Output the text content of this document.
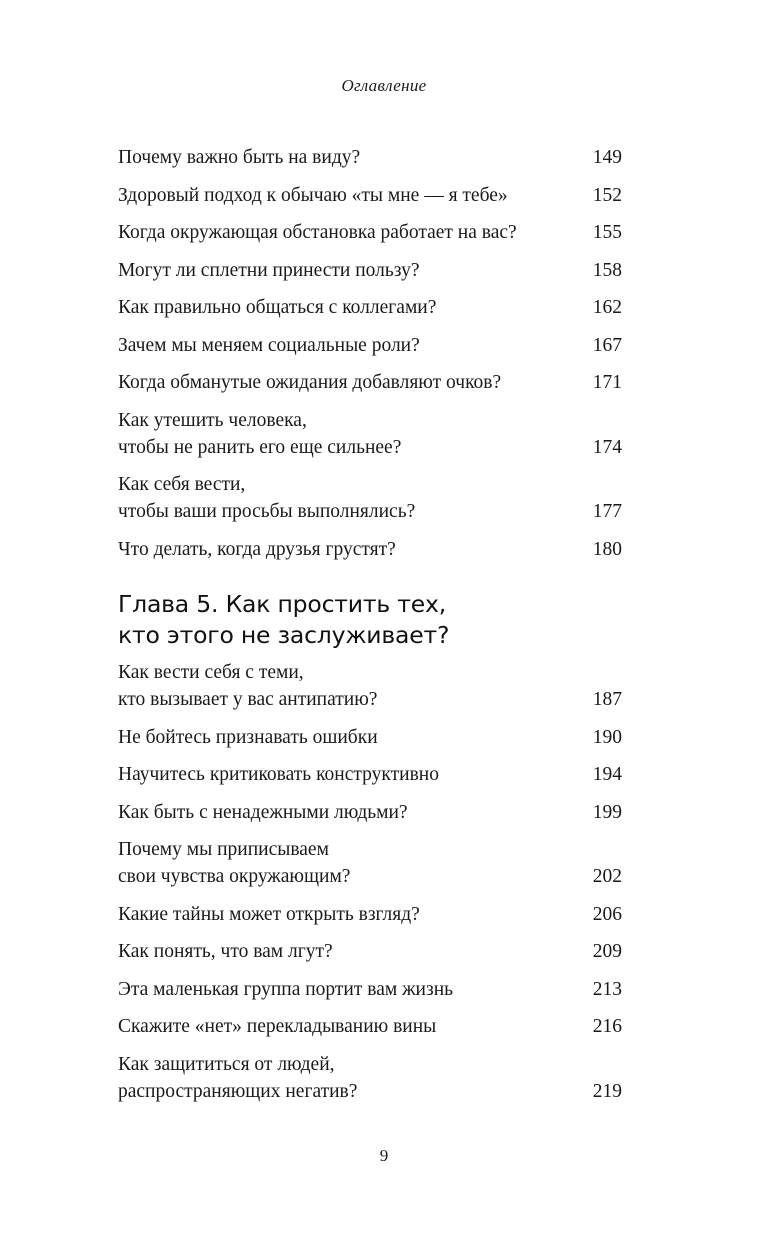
Оглавление
Почему важно быть на виду?	149
Здоровый подход к обычаю «ты мне — я тебе»	152
Когда окружающая обстановка работает на вас?	155
Могут ли сплетни принести пользу?	158
Как правильно общаться с коллегами?	162
Зачем мы меняем социальные роли?	167
Когда обманутые ожидания добавляют очков?	171
Как утешить человека,
чтобы не ранить его еще сильнее?	174
Как себя вести,
чтобы ваши просьбы выполнялись?	177
Что делать, когда друзья грустят?	180
Глава 5. Как простить тех,
кто этого не заслуживает?
Как вести себя с теми,
кто вызывает у вас антипатию?	187
Не бойтесь признавать ошибки	190
Научитесь критиковать конструктивно	194
Как быть с ненадежными людьми?	199
Почему мы приписываем
свои чувства окружающим?	202
Какие тайны может открыть взгляд?	206
Как понять, что вам лгут?	209
Эта маленькая группа портит вам жизнь	213
Скажите «нет» перекладыванию вины	216
Как защититься от людей,
распространяющих негатив?	219
9
